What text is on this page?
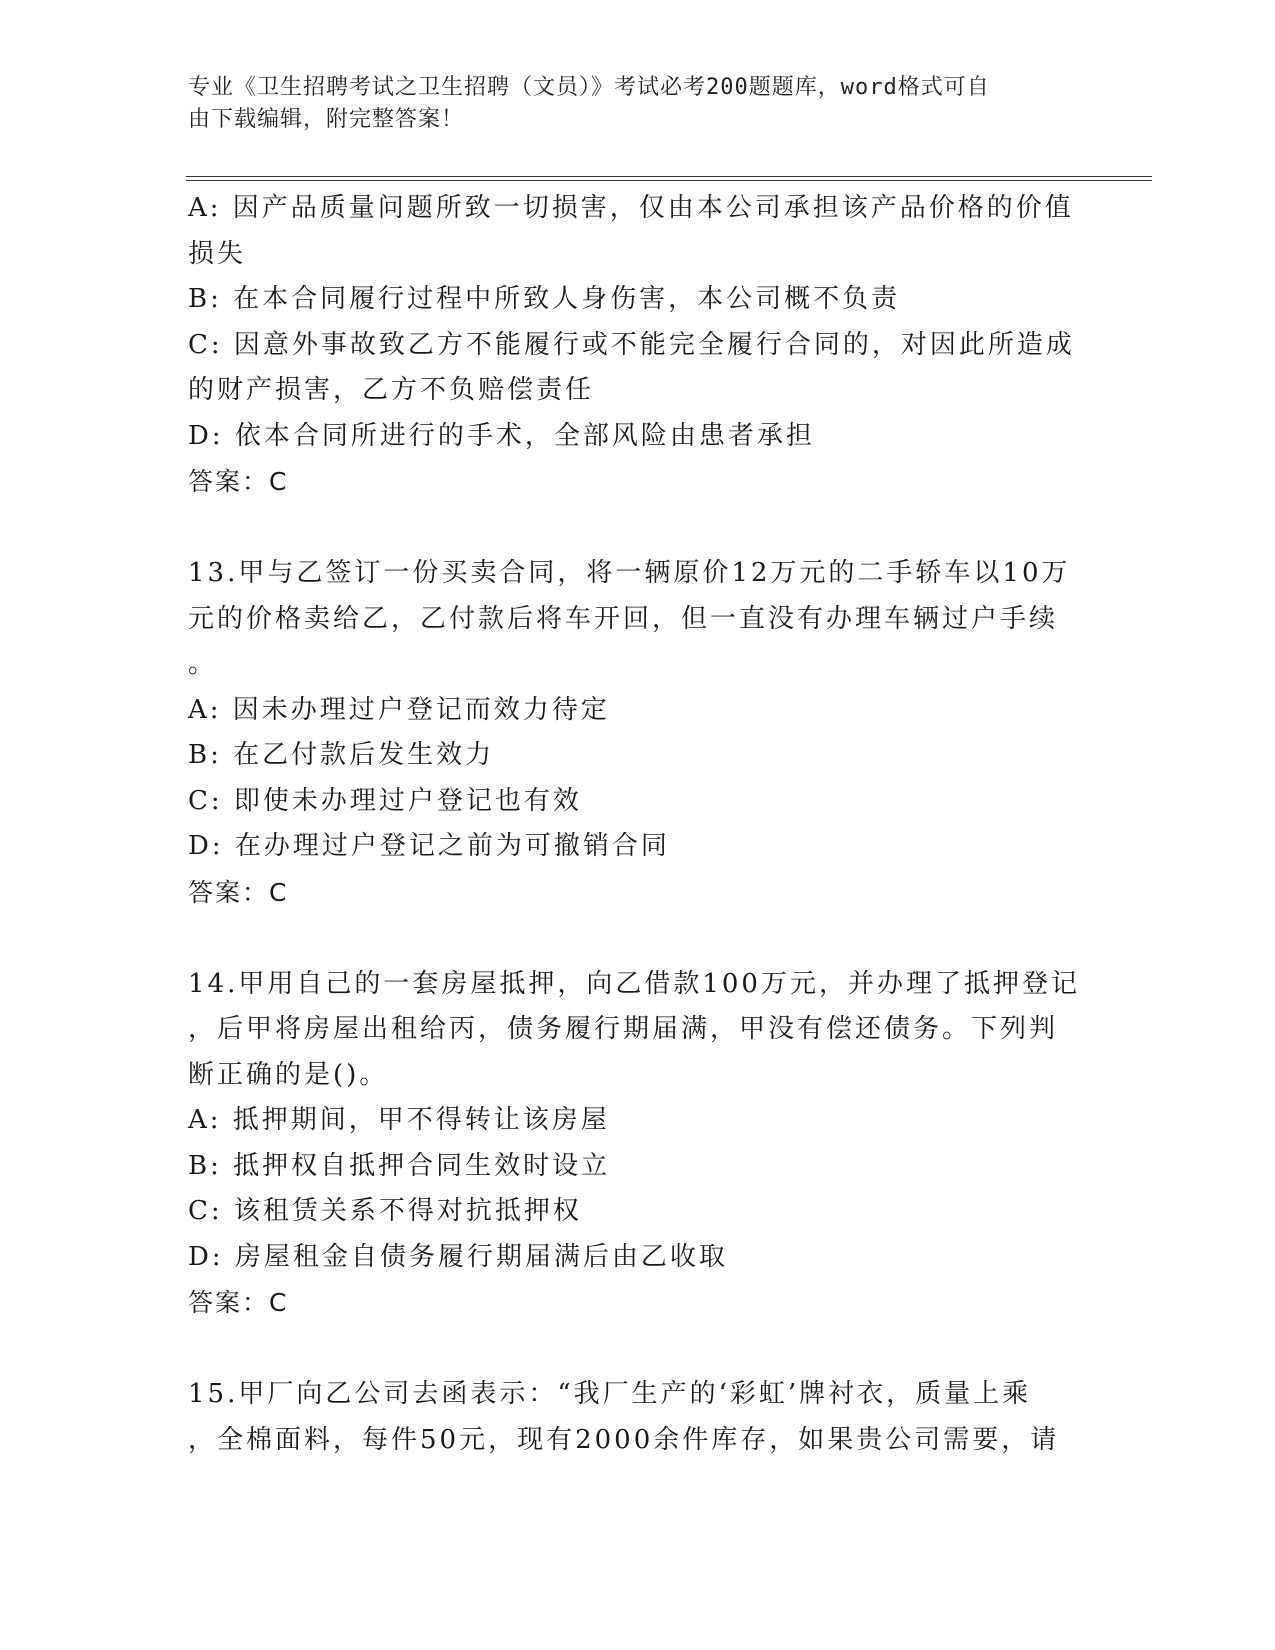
专业《卫生招聘考试之卫生招聘（文员）》考试必考200题题库，word格式可自
由下载编辑，附完整答案！
A: 因产品质量问题所致一切损害，仅由本公司承担该产品价格的价值
损失
B: 在本合同履行过程中所致人身伤害，本公司概不负责
C: 因意外事故致乙方不能履行或不能完全履行合同的，对因此所造成
的财产损害，乙方不负赔偿责任
D: 依本合同所进行的手术，全部风险由患者承担
答案：C
13.甲与乙签订一份买卖合同，将一辆原价12万元的二手轿车以10万
元的价格卖给乙，乙付款后将车开回，但一直没有办理车辆过户手续
。
A: 因未办理过户登记而效力待定
B: 在乙付款后发生效力
C: 即使未办理过户登记也有效
D: 在办理过户登记之前为可撤销合同
答案：C
14.甲用自己的一套房屋抵押，向乙借款100万元，并办理了抵押登记
，后甲将房屋出租给丙，债务履行期届满，甲没有偿还债务。下列判
断正确的是()。
A: 抵押期间，甲不得转让该房屋
B: 抵押权自抵押合同生效时设立
C: 该租赁关系不得对抗抵押权
D: 房屋租金自债务履行期届满后由乙收取
答案：C
15.甲厂向乙公司去函表示：“我厂生产的‘彩虹’牌衬衣，质量上乘
，全棉面料，每件50元，现有2000余件库存，如果贵公司需要，请
